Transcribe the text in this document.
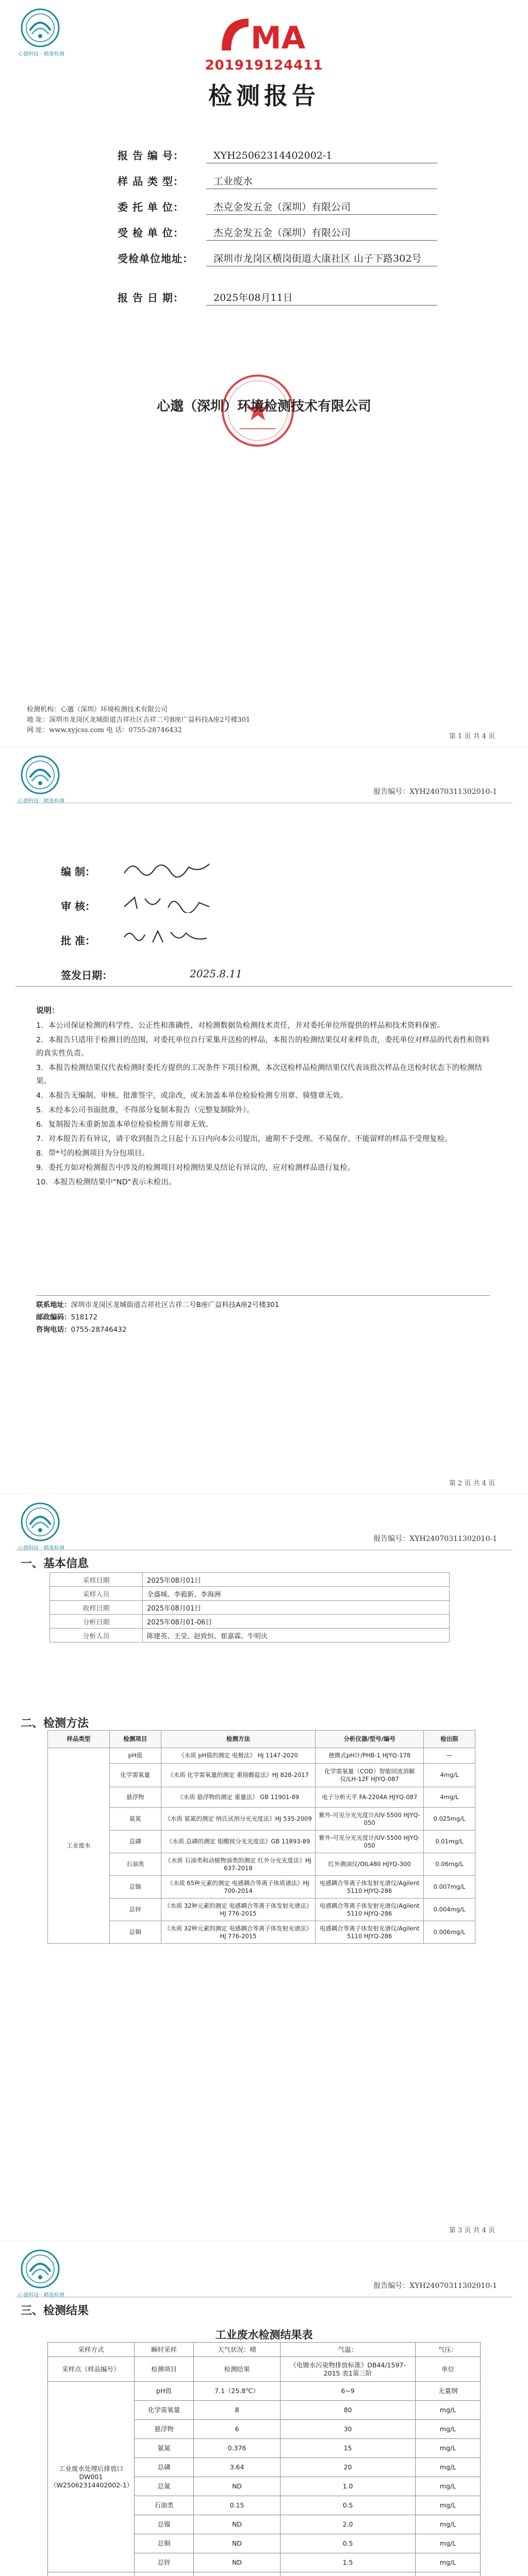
心德科技 · 精准检测	MA
201919124411
检测报告
报 告 编 号：	XYH25062314402002-1
样 品 类 型：	工业废水
委 托 单 位：	杰克金发五金（深圳）有限公司
受 检 单 位：	杰克金发五金（深圳）有限公司
受检单位地址：	深圳市龙岗区横岗街道大康社区 山子下路302号
报 告 日 期：	2025年08月11日
心邈（深圳）环境检测技术有限公司
检测机构：心邈（深圳）环境检测技术有限公司
地 址：深圳市龙岗区龙城街道吉祥社区吉祥二号B座广益科技A座2号楼301
网 址：www.xyjcss.com 电 话：0755-28746432
第 1 页 共 4 页
心德科技 · 精准检测
报告编号：XYH24070311302010-1
编 制：
审 核：
批 准：
签发日期：	2025.8.11
说明：

1．本公司保证检测的科学性、公正性和准确性，对检测数据负检测技术责任，并对委托单位所提供的样品和技术资料保密。

2．本报告只适用于检测目的范围，对委托单位自行采集并送检的样品，本报告的检测结果仅对来样负责，委托单位对样品的代表性和资料的真实性负责。

3．本报告检测结果仅代表检测时委托方提供的工况条件下项目检测，本次送检样品检测结果仅代表该批次样品在送检时状态下的检测结果。

4．本报告无编制、审核、批准签字，或涂改，或未加盖本单位检验检测专用章、骑缝章无效。

5．未经本公司书面批准，不得部分复制本报告（完整复制除外）。

6．复制报告未重新加盖本单位检验检测专用章无效。

7．对本报告若有异议，请于收到报告之日起十五日内向本公司提出，逾期不予受理。不易保存、不能留样的样品不受理复检。

8．带*号的检测项目为分包项目。

9．委托方如对检测报告中涉及的检测项目对检测结果及结论有异议的，应对检测样品进行复检。

10．本报告检测结果中"ND"表示未检出。

联系地址：深圳市龙岗区龙城街道吉祥社区吉祥二号B座广益科技A座2号楼301
邮政编码：518172
咨询电话：0755-28746432
第 2 页 共 4 页
心德科技 · 精准检测
报告编号：XYH24070311302010-1
一、基本信息
采样日期	2025年08月01日
采样人员	全盛城、李毅新、李海洲
收样日期	2025年08月01日
分析日期	2025年08月01-06日
分析人员	陈建英、王莹、赵致恒、崔嘉霖、牛明庆
二、检测方法
样品类型	检测项目	检测方法	分析仪器/型号/编号	检出限
工业废水	pH值	《水质 pH值的测定 电极法》 HJ 1147-2020	便携式pH计/PHB-1 HJYQ-178	—
	化学需氧量	《水质 化学需氧量的测定 重铬酸盐法》HJ 828-2017	化学需氧量（COD）智能回流消解仪/LH-12F HJYQ-087	4mg/L
	悬浮物	《水质 悬浮物的测定 重量法》 GB 11901-89	电子分析天平 FA-2204A HJYQ-087	4mg/L
	氨氮	《水质 氨氮的测定 纳氏试剂分光光度法》HJ 535-2009	紫外-可见分光光度计/UV-5500 HJYQ-050	0.025mg/L
	总磷	《水质 总磷的测定 钼酸铵分光光度法》GB 11893-89	紫外-可见分光光度计/UV-5500 HJYQ-050	0.01mg/L
	石油类	《水质 石油类和动植物油类的测定 红外分光光度法》HJ 637-2018	红外测油仪/OIL480 HJYQ-300	0.06mg/L
	总镍	《水质 65种元素的测定 电感耦合等离子体质谱法》HJ 700-2014	电感耦合等离子体发射光谱仪/Agilent 5110 HJYQ-286	0.007mg/L
	总锌	《水质 32种元素的测定 电感耦合等离子体发射光谱法》HJ 776-2015	电感耦合等离子体发射光谱仪/Agilent 5110 HJYQ-286	0.004mg/L
	总铜	《水质 32种元素的测定 电感耦合等离子体发射光谱法》HJ 776-2015	电感耦合等离子体发射光谱仪/Agilent 5110 HJYQ-286	0.006mg/L
第 3 页 共 4 页
心德科技 · 精准检测
报告编号：XYH24070311302010-1
三、检测结果
工业废水检测结果表
采样方式	瞬时采样	天气状况：晴	气温：	气压：
采样点（样品编号）	检测项目	检测结果	《电镀水污染物排放标准》DB44/1597-2015 表1第三阶	单位
工业废水处理后排放口 DW001（W25062314402002-1）	pH值	7.1（25.8℃）	6~9	无量纲
	化学需氧量	8	80	mg/L
	悬浮物	6	30	mg/L
	氨氮	0.376	15	mg/L
	总磷	3.64	20	mg/L
	总氮	ND	1.0	mg/L
	石油类	0.15	0.5	mg/L
	总镍	ND	2.0	mg/L
	总铜	ND	0.5	mg/L
	总锌	ND	1.5	mg/L
